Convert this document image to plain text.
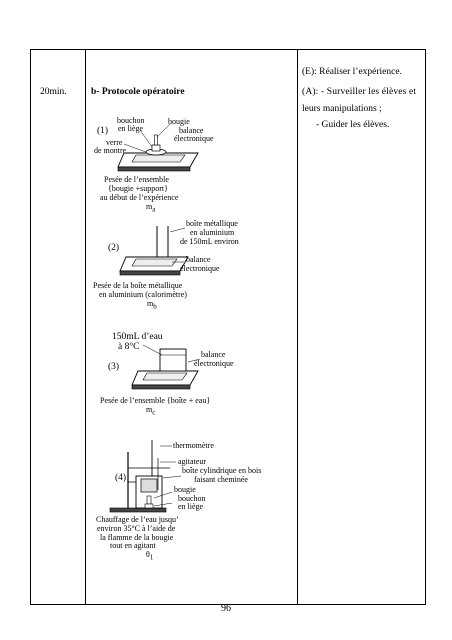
20min.	b- Protocole opératoire
(E): Réaliser l’expérience.
(A): - Surveiller les élèves et
leurs manipulations ;
- Guider les élèves.
bouchon
en liège
bougie
(1)	balance
électronique
verre
de montre
Pesée de l’ensemble
{bougie +support}
au début de l’expérience
$m_a$
boîte métallique
en aluminium
de 150mL environ
(2)
balance
électronique
Pesée de la boîte métallique
en aluminium (calorimètre)
$m_b$
150mL d’eau
à 8°C
balance
électronique
(3)
Pesée de l’ensemble {boîte + eau}
$m_c$
thermomètre
agitateur
boîte cylindrique en bois
faisant cheminée
(4)
bougie
bouchon
en liège
Chauffage de l’eau jusqu’
environ 35°C à l’aide de
la flamme de la bougie
tout en agitant
$\theta_1$
96
